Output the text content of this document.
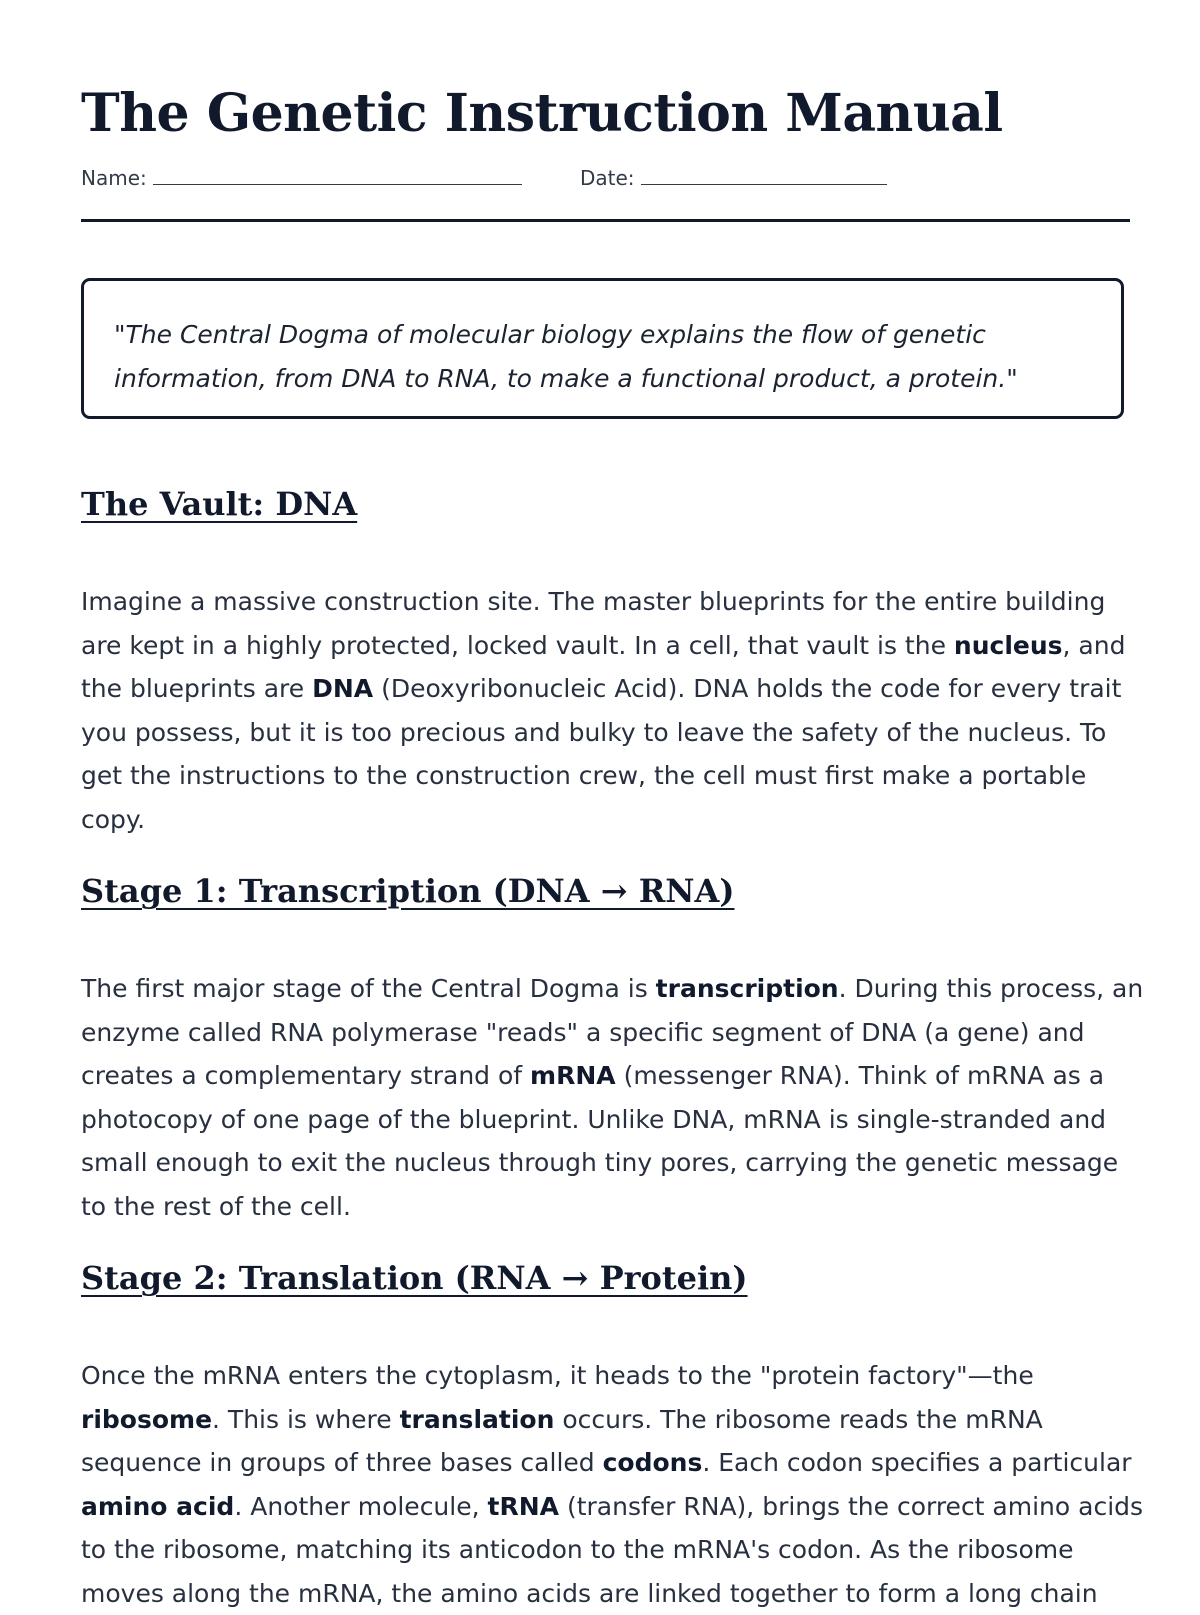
The Genetic Instruction Manual
Name:	Date:

"The Central Dogma of molecular biology explains the flow of genetic
information, from DNA to RNA, to make a functional product, a protein."

The Vault: DNA

Imagine a massive construction site. The master blueprints for the entire building
are kept in a highly protected, locked vault. In a cell, that vault is the nucleus, and
the blueprints are DNA (Deoxyribonucleic Acid). DNA holds the code for every trait
you possess, but it is too precious and bulky to leave the safety of the nucleus. To
get the instructions to the construction crew, the cell must first make a portable
copy.

Stage 1: Transcription (DNA → RNA)

The first major stage of the Central Dogma is transcription. During this process, an
enzyme called RNA polymerase "reads" a specific segment of DNA (a gene) and
creates a complementary strand of mRNA (messenger RNA). Think of mRNA as a
photocopy of one page of the blueprint. Unlike DNA, mRNA is single-stranded and
small enough to exit the nucleus through tiny pores, carrying the genetic message
to the rest of the cell.

Stage 2: Translation (RNA → Protein)

Once the mRNA enters the cytoplasm, it heads to the "protein factory"—the
ribosome. This is where translation occurs. The ribosome reads the mRNA
sequence in groups of three bases called codons. Each codon specifies a particular
amino acid. Another molecule, tRNA (transfer RNA), brings the correct amino acids
to the ribosome, matching its anticodon to the mRNA's codon. As the ribosome
moves along the mRNA, the amino acids are linked together to form a long chain
